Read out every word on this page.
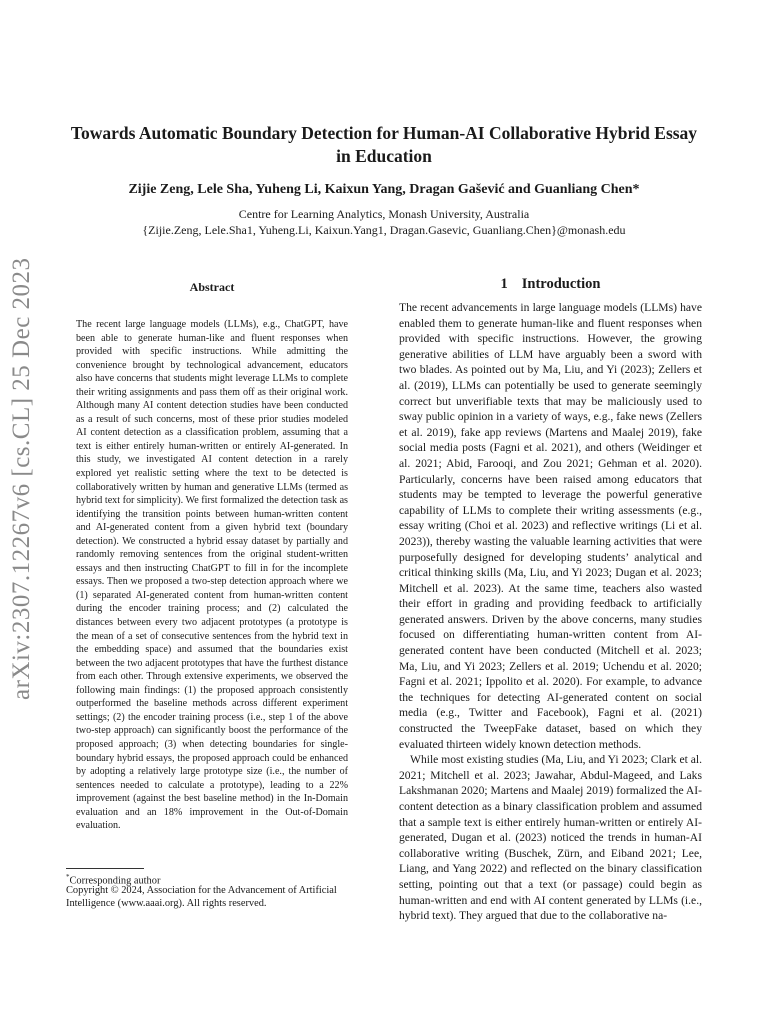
arXiv:2307.12267v6 [cs.CL] 25 Dec 2023
Towards Automatic Boundary Detection for Human-AI Collaborative Hybrid Essay in Education
Zijie Zeng, Lele Sha, Yuheng Li, Kaixun Yang, Dragan Gašević and Guanliang Chen*
Centre for Learning Analytics, Monash University, Australia
{Zijie.Zeng, Lele.Sha1, Yuheng.Li, Kaixun.Yang1, Dragan.Gasevic, Guanliang.Chen}@monash.edu
Abstract
The recent large language models (LLMs), e.g., ChatGPT, have been able to generate human-like and fluent responses when provided with specific instructions. While admitting the convenience brought by technological advancement, educators also have concerns that students might leverage LLMs to complete their writing assignments and pass them off as their original work. Although many AI content detection studies have been conducted as a result of such concerns, most of these prior studies modeled AI content detection as a classification problem, assuming that a text is either entirely human-written or entirely AI-generated. In this study, we investigated AI content detection in a rarely explored yet realistic setting where the text to be detected is collaboratively written by human and generative LLMs (termed as hybrid text for simplicity). We first formalized the detection task as identifying the transition points between human-written content and AI-generated content from a given hybrid text (boundary detection). We constructed a hybrid essay dataset by partially and randomly removing sentences from the original student-written essays and then instructing ChatGPT to fill in for the incomplete essays. Then we proposed a two-step detection approach where we (1) separated AI-generated content from human-written content during the encoder training process; and (2) calculated the distances between every two adjacent prototypes (a prototype is the mean of a set of consecutive sentences from the hybrid text in the embedding space) and assumed that the boundaries exist between the two adjacent prototypes that have the furthest distance from each other. Through extensive experiments, we observed the following main findings: (1) the proposed approach consistently outperformed the baseline methods across different experiment settings; (2) the encoder training process (i.e., step 1 of the above two-step approach) can significantly boost the performance of the proposed approach; (3) when detecting boundaries for single-boundary hybrid essays, the proposed approach could be enhanced by adopting a relatively large prototype size (i.e., the number of sentences needed to calculate a prototype), leading to a 22% improvement (against the best baseline method) in the In-Domain evaluation and an 18% improvement in the Out-of-Domain evaluation.
1 Introduction

The recent advancements in large language models (LLMs) have enabled them to generate human-like and fluent responses when provided with specific instructions. However, the growing generative abilities of LLM have arguably been a sword with two blades. As pointed out by Ma, Liu, and Yi (2023); Zellers et al. (2019), LLMs can potentially be used to generate seemingly correct but unverifiable texts that may be maliciously used to sway public opinion in a variety of ways, e.g., fake news (Zellers et al. 2019), fake app reviews (Martens and Maalej 2019), fake social media posts (Fagni et al. 2021), and others (Weidinger et al. 2021; Abid, Farooqi, and Zou 2021; Gehman et al. 2020). Particularly, concerns have been raised among educators that students may be tempted to leverage the powerful generative capability of LLMs to complete their writing assessments (e.g., essay writing (Choi et al. 2023) and reflective writings (Li et al. 2023)), thereby wasting the valuable learning activities that were purposefully designed for developing students’ analytical and critical thinking skills (Ma, Liu, and Yi 2023; Dugan et al. 2023; Mitchell et al. 2023). At the same time, teachers also wasted their effort in grading and providing feedback to artificially generated answers. Driven by the above concerns, many studies focused on differentiating human-written content from AI-generated content have been conducted (Mitchell et al. 2023; Ma, Liu, and Yi 2023; Zellers et al. 2019; Uchendu et al. 2020; Fagni et al. 2021; Ippolito et al. 2020). For example, to advance the techniques for detecting AI-generated content on social media (e.g., Twitter and Facebook), Fagni et al. (2021) constructed the TweepFake dataset, based on which they evaluated thirteen widely known detection methods.

While most existing studies (Ma, Liu, and Yi 2023; Clark et al. 2021; Mitchell et al. 2023; Jawahar, Abdul-Mageed, and Laks Lakshmanan 2020; Martens and Maalej 2019) formalized the AI-content detection as a binary classification problem and assumed that a sample text is either entirely human-written or entirely AI-generated, Dugan et al. (2023) noticed the trends in human-AI collaborative writing (Buschek, Zürn, and Eiband 2021; Lee, Liang, and Yang 2022) and reflected on the binary classification setting, pointing out that a text (or passage) could begin as human-written and end with AI content generated by LLMs (i.e., hybrid text). They argued that due to the collaborative na-

*Corresponding author
Copyright © 2024, Association for the Advancement of Artificial Intelligence (www.aaai.org). All rights reserved.
